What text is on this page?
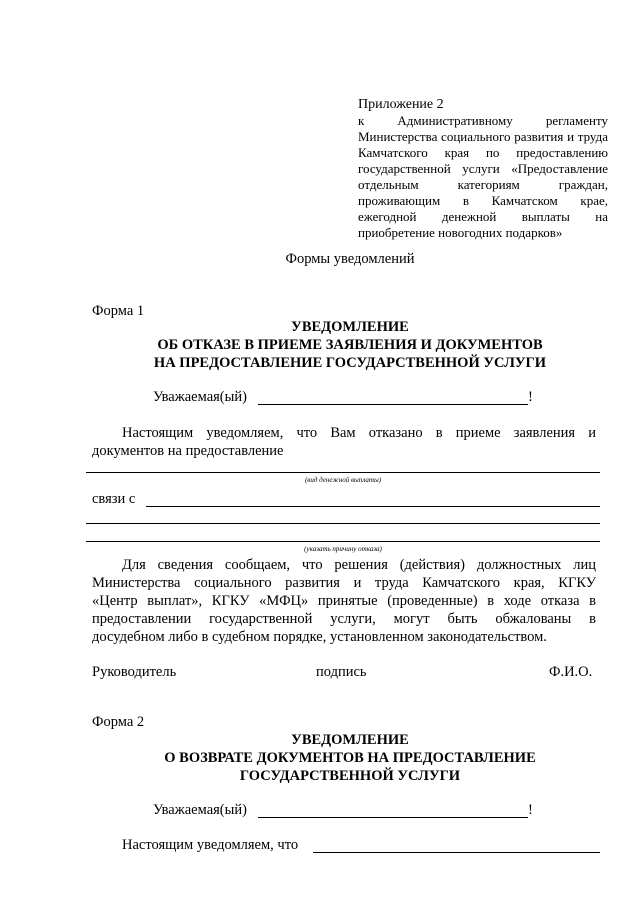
Приложение 2
к Административному регламенту
Министерства социального развития и труда
Камчатского края по предоставлению
государственной услуги «Предоставление
отдельным категориям граждан,
проживающим в Камчатском крае,
ежегодной денежной выплаты на
приобретение новогодних подарков»
Формы уведомлений
Форма 1
УВЕДОМЛЕНИЕ
ОБ ОТКАЗЕ В ПРИЕМЕ ЗАЯВЛЕНИЯ И ДОКУМЕНТОВ
НА ПРЕДОСТАВЛЕНИЕ ГОСУДАРСТВЕННОЙ УСЛУГИ
Уважаемая(ый)	!
Настоящим уведомляем, что Вам отказано в приеме заявления и
документов на предоставление
(вид денежной выплаты)
связи с
(указать причину отказа)
Для сведения сообщаем, что решения (действия) должностных лиц
Министерства социального развития и труда Камчатского края, КГКУ
«Центр выплат», КГКУ «МФЦ» принятые (проведенные) в ходе отказа в
предоставлении государственной услуги, могут быть обжалованы в
досудебном либо в судебном порядке, установленном законодательством.
Руководитель	подпись	Ф.И.О.
Форма 2
УВЕДОМЛЕНИЕ
О ВОЗВРАТЕ ДОКУМЕНТОВ НА ПРЕДОСТАВЛЕНИЕ
ГОСУДАРСТВЕННОЙ УСЛУГИ
Уважаемая(ый)	!
Настоящим уведомляем, что
